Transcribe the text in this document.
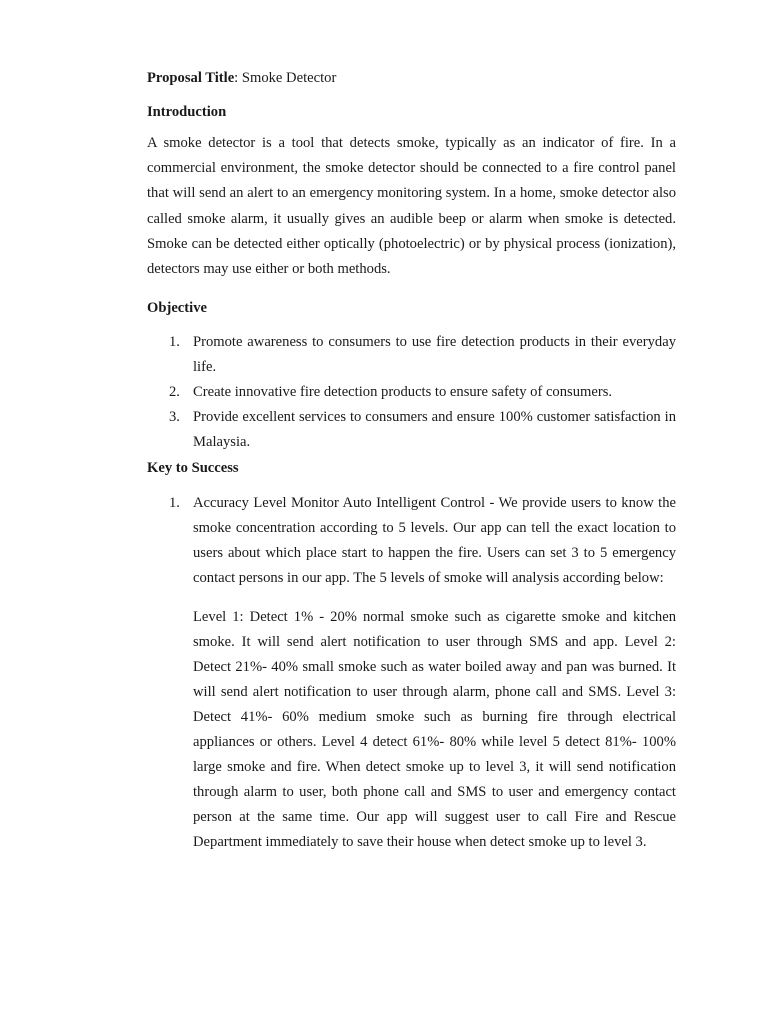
Proposal Title: Smoke Detector
Introduction
A smoke detector is a tool that detects smoke, typically as an indicator of fire. In a commercial environment, the smoke detector should be connected to a fire control panel that will send an alert to an emergency monitoring system. In a home, smoke detector also called smoke alarm, it usually gives an audible beep or alarm when smoke is detected. Smoke can be detected either optically (photoelectric) or by physical process (ionization), detectors may use either or both methods.
Objective
1. Promote awareness to consumers to use fire detection products in their everyday life.
2. Create innovative fire detection products to ensure safety of consumers.
3. Provide excellent services to consumers and ensure 100% customer satisfaction in Malaysia.
Key to Success
1. Accuracy Level Monitor Auto Intelligent Control - We provide users to know the smoke concentration according to 5 levels. Our app can tell the exact location to users about which place start to happen the fire. Users can set 3 to 5 emergency contact persons in our app. The 5 levels of smoke will analysis according below:
Level 1: Detect 1% - 20% normal smoke such as cigarette smoke and kitchen smoke. It will send alert notification to user through SMS and app. Level 2: Detect 21%- 40% small smoke such as water boiled away and pan was burned. It will send alert notification to user through alarm, phone call and SMS. Level 3: Detect 41%- 60% medium smoke such as burning fire through electrical appliances or others. Level 4 detect 61%- 80% while level 5 detect 81%- 100% large smoke and fire. When detect smoke up to level 3, it will send notification through alarm to user, both phone call and SMS to user and emergency contact person at the same time. Our app will suggest user to call Fire and Rescue Department immediately to save their house when detect smoke up to level 3.
